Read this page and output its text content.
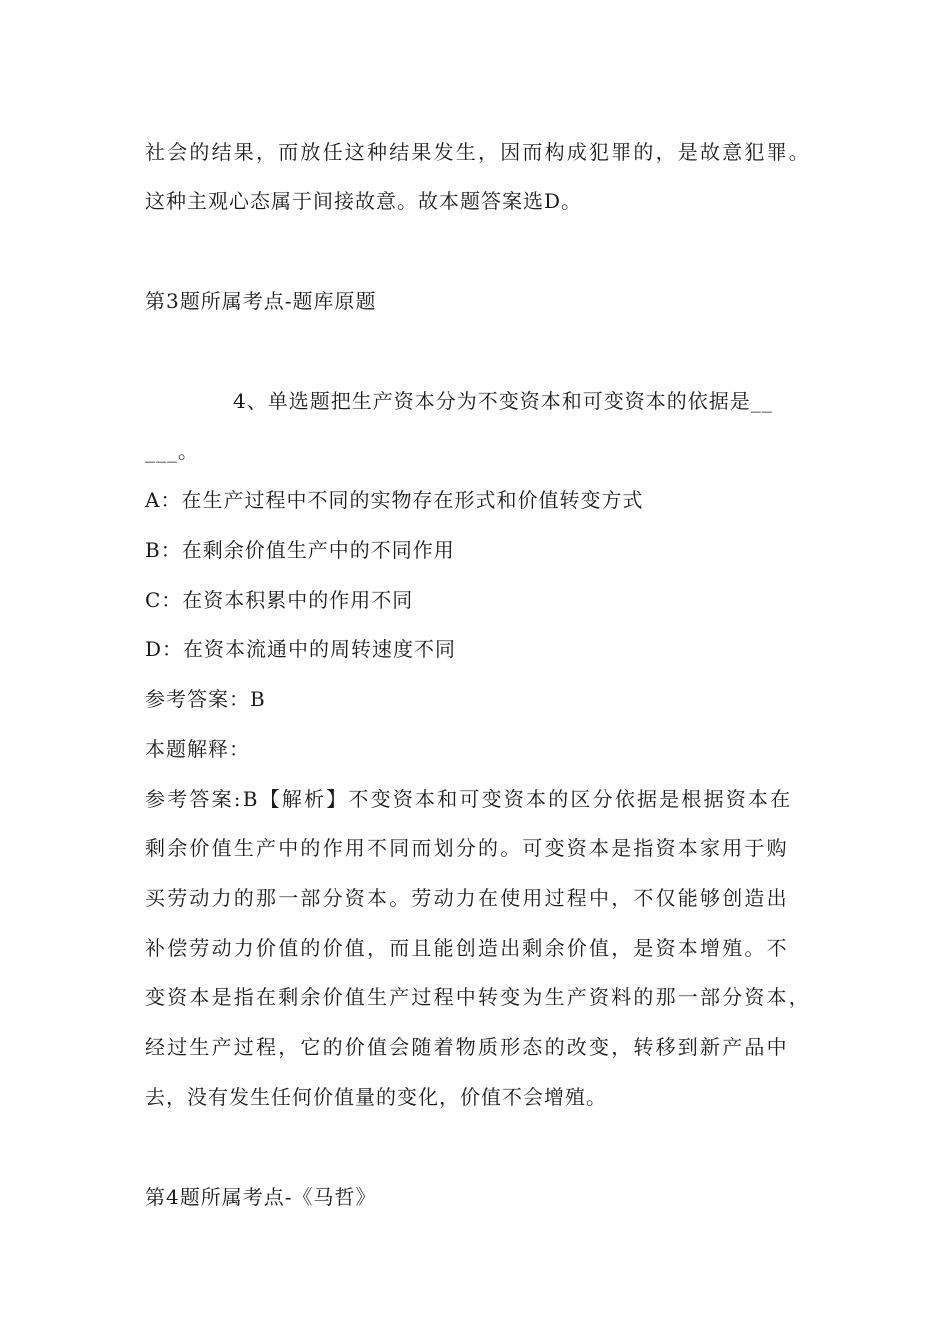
社会的结果，而放任这种结果发生，因而构成犯罪的，是故意犯罪。
这种主观心态属于间接故意。故本题答案选D。
第3题所属考点-题库原题
4、单选题把生产资本分为不变资本和可变资本的依据是__
___。
A：在生产过程中不同的实物存在形式和价值转变方式
B：在剩余价值生产中的不同作用
C：在资本积累中的作用不同
D：在资本流通中的周转速度不同
参考答案：B
本题解释：
参考答案:B【解析】不变资本和可变资本的区分依据是根据资本在
剩余价值生产中的作用不同而划分的。可变资本是指资本家用于购
买劳动力的那一部分资本。劳动力在使用过程中，不仅能够创造出
补偿劳动力价值的价值，而且能创造出剩余价值，是资本增殖。不
变资本是指在剩余价值生产过程中转变为生产资料的那一部分资本，
经过生产过程，它的价值会随着物质形态的改变，转移到新产品中
去，没有发生任何价值量的变化，价值不会增殖。
第4题所属考点-《马哲》
